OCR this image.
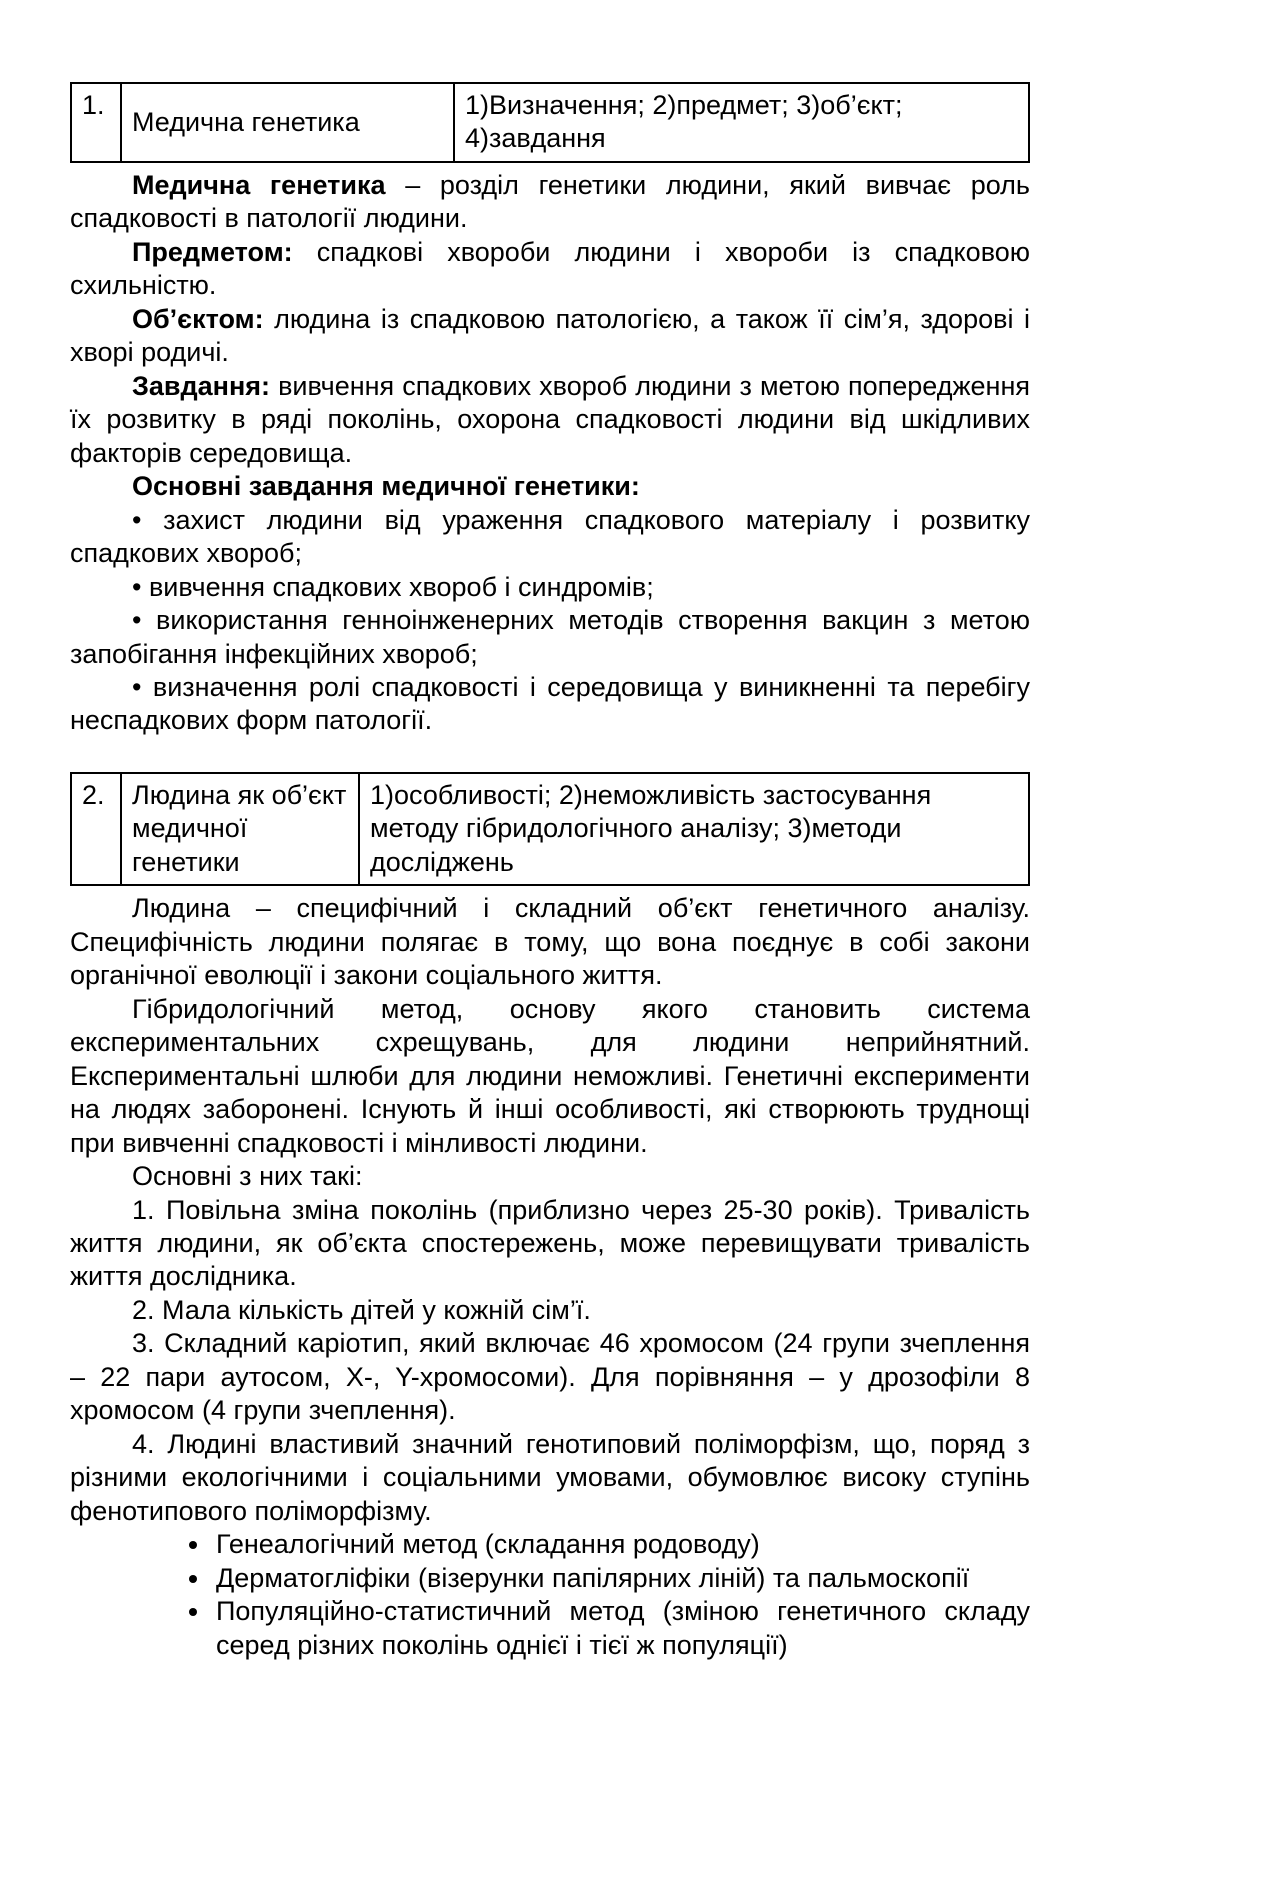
1.	Медична генетика	1)Визначення; 2)предмет; 3)об’єкт; 4)завдання

Медична генетика – розділ генетики людини, який вивчає роль спадковості в патології людини.

Предметом: спадкові хвороби людини і хвороби із спадковою схильністю.

Об’єктом: людина із спадковою патологією, а також її сім’я, здорові і хворі родичі.

Завдання: вивчення спадкових хвороб людини з метою попередження їх розвитку в ряді поколінь, охорона спадковості людини від шкідливих факторів середовища.

Основні завдання медичної генетики:

• захист людини від ураження спадкового матеріалу і розвитку спадкових хвороб;

• вивчення спадкових хвороб і синдромів;

• використання генноінженерних методів створення вакцин з метою запобігання інфекційних хвороб;

• визначення ролі спадковості і середовища у виникненні та перебігу неспадкових форм патології.

2.	Людина як об’єкт медичної генетики	1)особливості; 2)неможливість застосування методу гібридологічного аналізу; 3)методи досліджень

Людина – специфічний і складний об’єкт генетичного аналізу. Специфічність людини полягає в тому, що вона поєднує в собі закони органічної еволюції і закони соціального життя.

Гібридологічний метод, основу якого становить система експериментальних схрещувань, для людини неприйнятний. Експериментальні шлюби для людини неможливі. Генетичні експерименти на людях заборонені. Існують й інші особливості, які створюють труднощі при вивченні спадковості і мінливості людини.

Основні з них такі:

1. Повільна зміна поколінь (приблизно через 25-30 років). Тривалість життя людини, як об’єкта спостережень, може перевищувати тривалість життя дослідника.

2. Мала кількість дітей у кожній сім’ї.

3. Складний каріотип, який включає 46 хромосом (24 групи зчеплення – 22 пари аутосом, X-, Y-хромосоми). Для порівняння – у дрозофіли 8 хромосом (4 групи зчеплення).

4. Людині властивий значний генотиповий поліморфізм, що, поряд з різними екологічними і соціальними умовами, обумовлює високу ступінь фенотипового поліморфізму.

• Генеалогічний метод (складання родоводу)
• Дерматогліфіки (візерунки папілярних ліній) та пальмоскопії
• Популяційно-статистичний метод (зміною генетичного складу серед різних поколінь однієї і тієї ж популяції)
